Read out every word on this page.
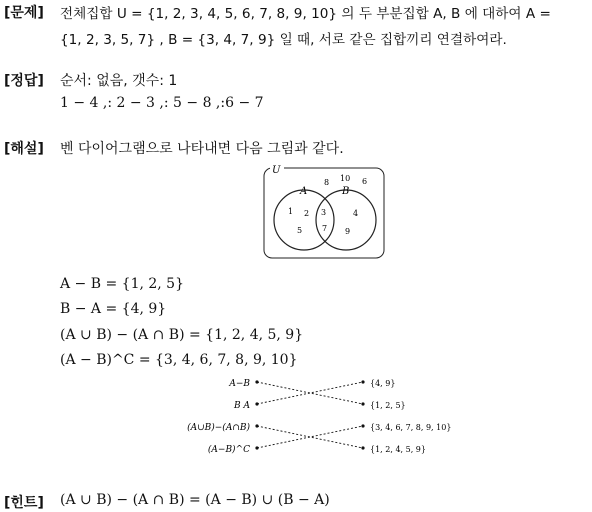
[문제] 전체집합 U = {1, 2, 3, 4, 5, 6, 7, 8, 9, 10} 의 두 부분집합 A, B 에 대하여 A =
{1, 2, 3, 5, 7} , B = {3, 4, 7, 9} 일 때, 서로 같은 집합끼리 연결하여라.
[정답] 순서: 없음, 갯수: 1
1 − 4 ,: 2 − 3 ,: 5 − 8 ,:6 − 7
[해설] 벤 다이어그램으로 나타내면 다음 그림과 같다.
U
A	B
8 10 6
1 2
5
3
7
4
9
A − B = {1, 2, 5}
B − A = {4, 9}
(A ∪ B) − (A ∩ B) = {1, 2, 4, 5, 9}
(A − B)^C = {3, 4, 6, 7, 8, 9, 10}
A−B
B A
(A∪B)−(A∩B)
(A−B)^C
{4, 9}
{1, 2, 5}
{3, 4, 6, 7, 8, 9, 10}
{1, 2, 4, 5, 9}
[힌트] (A ∪ B) − (A ∩ B) = (A − B) ∪ (B − A)
